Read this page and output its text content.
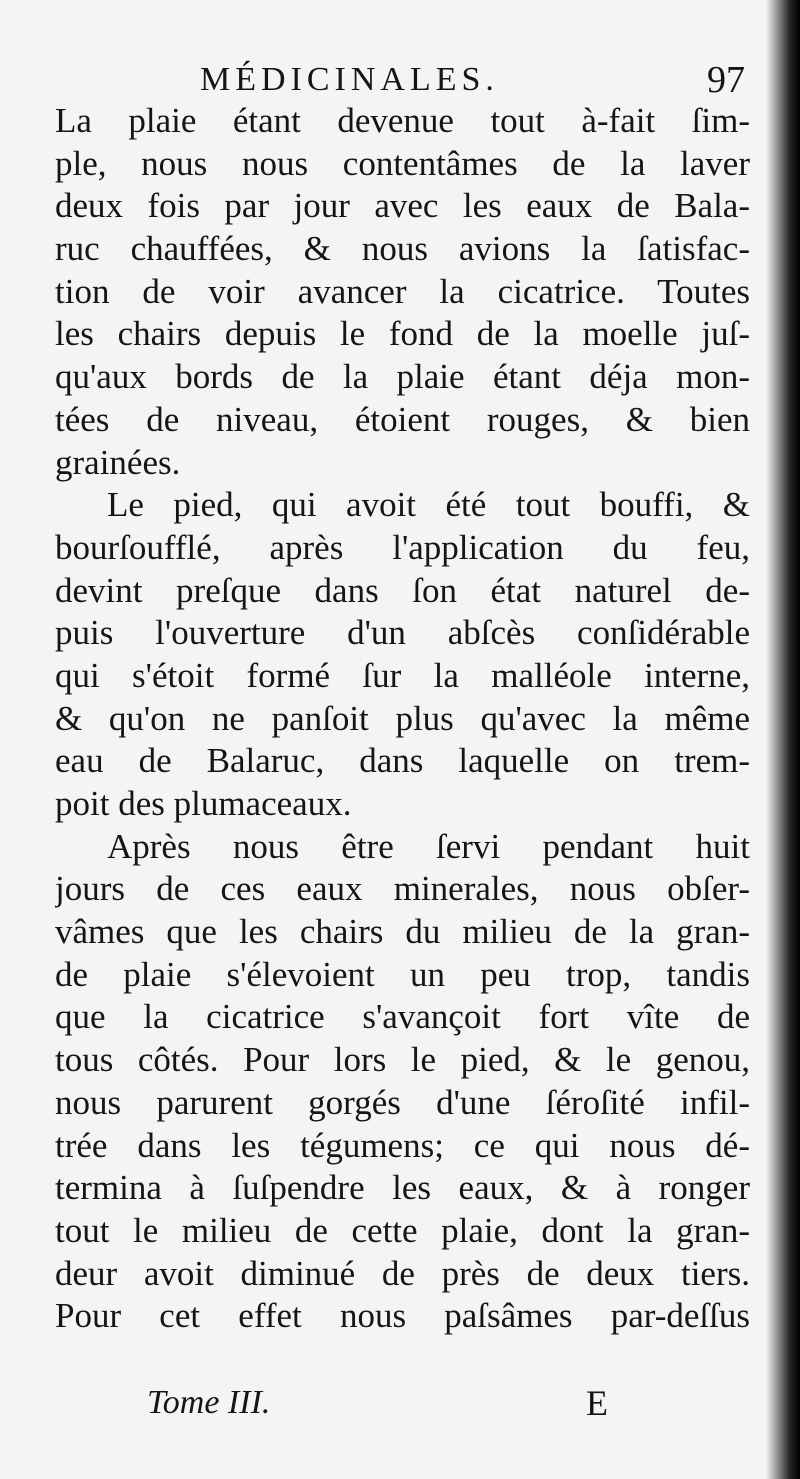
MÉDICINALES.	97
La plaie étant devenue tout à-fait ſim-
ple, nous nous contentâmes de la laver
deux fois par jour avec les eaux de Bala-
ruc chauffées, & nous avions la ſatisfac-
tion de voir avancer la cicatrice. Toutes
les chairs depuis le fond de la moelle juſ-
qu'aux bords de la plaie étant déja mon-
tées de niveau, étoient rouges, & bien
grainées.
Le pied, qui avoit été tout bouffi, &
bourſoufflé, après l'application du feu,
devint preſque dans ſon état naturel de-
puis l'ouverture d'un abſcès conſidérable
qui s'étoit formé ſur la malléole interne,
& qu'on ne panſoit plus qu'avec la même
eau de Balaruc, dans laquelle on trem-
poit des plumaceaux.
Après nous être ſervi pendant huit
jours de ces eaux minerales, nous obſer-
vâmes que les chairs du milieu de la gran-
de plaie s'élevoient un peu trop, tandis
que la cicatrice s'avançoit fort vîte de
tous côtés. Pour lors le pied, & le genou,
nous parurent gorgés d'une ſéroſité infil-
trée dans les tégumens; ce qui nous dé-
termina à ſuſpendre les eaux, & à ronger
tout le milieu de cette plaie, dont la gran-
deur avoit diminué de près de deux tiers.
Pour cet effet nous paſsâmes par-deſſus
Tome III.	E
